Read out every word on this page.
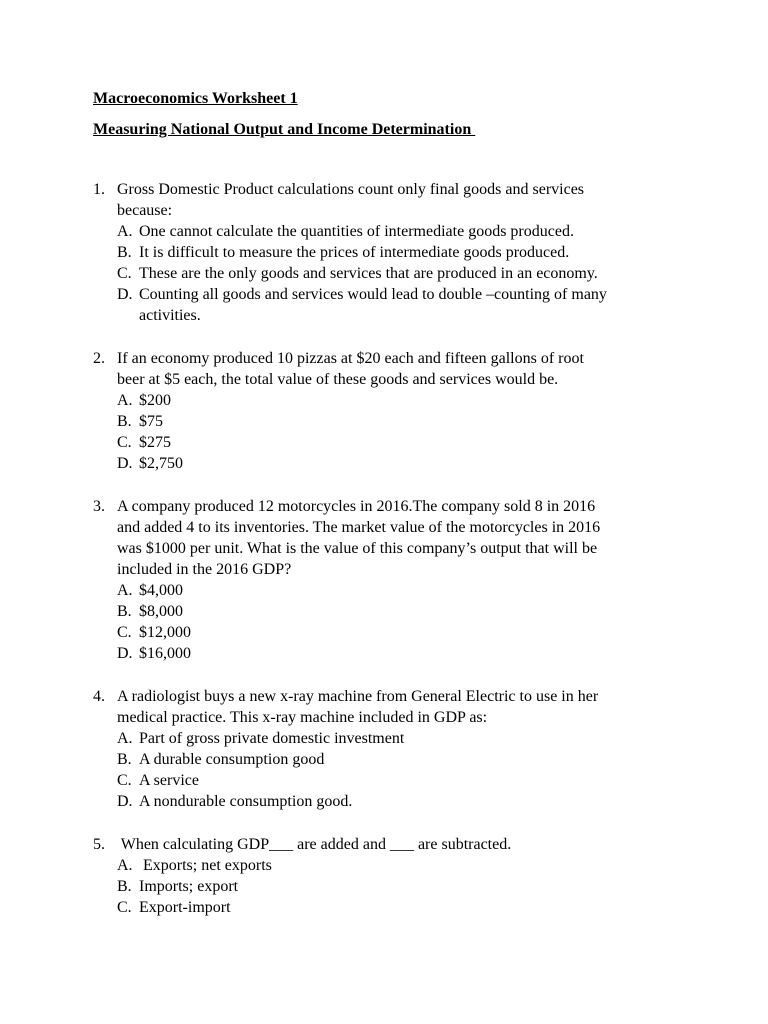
Macroeconomics Worksheet 1
Measuring National Output and Income Determination
1. Gross Domestic Product calculations count only final goods and services
because:
A. One cannot calculate the quantities of intermediate goods produced.
B. It is difficult to measure the prices of intermediate goods produced.
C. These are the only goods and services that are produced in an economy.
D. Counting all goods and services would lead to double –counting of many
activities.
2. If an economy produced 10 pizzas at $20 each and fifteen gallons of root
beer at $5 each, the total value of these goods and services would be.
A. $200
B. $75
C. $275
D. $2,750
3. A company produced 12 motorcycles in 2016.The company sold 8 in 2016
and added 4 to its inventories. The market value of the motorcycles in 2016
was $1000 per unit. What is the value of this company’s output that will be
included in the 2016 GDP?
A. $4,000
B. $8,000
C. $12,000
D. $16,000
4. A radiologist buys a new x-ray machine from General Electric to use in her
medical practice. This x-ray machine included in GDP as:
A. Part of gross private domestic investment
B. A durable consumption good
C. A service
D. A nondurable consumption good.
5. When calculating GDP___ are added and ___ are subtracted.
A. Exports; net exports
B. Imports; export
C. Export-import
